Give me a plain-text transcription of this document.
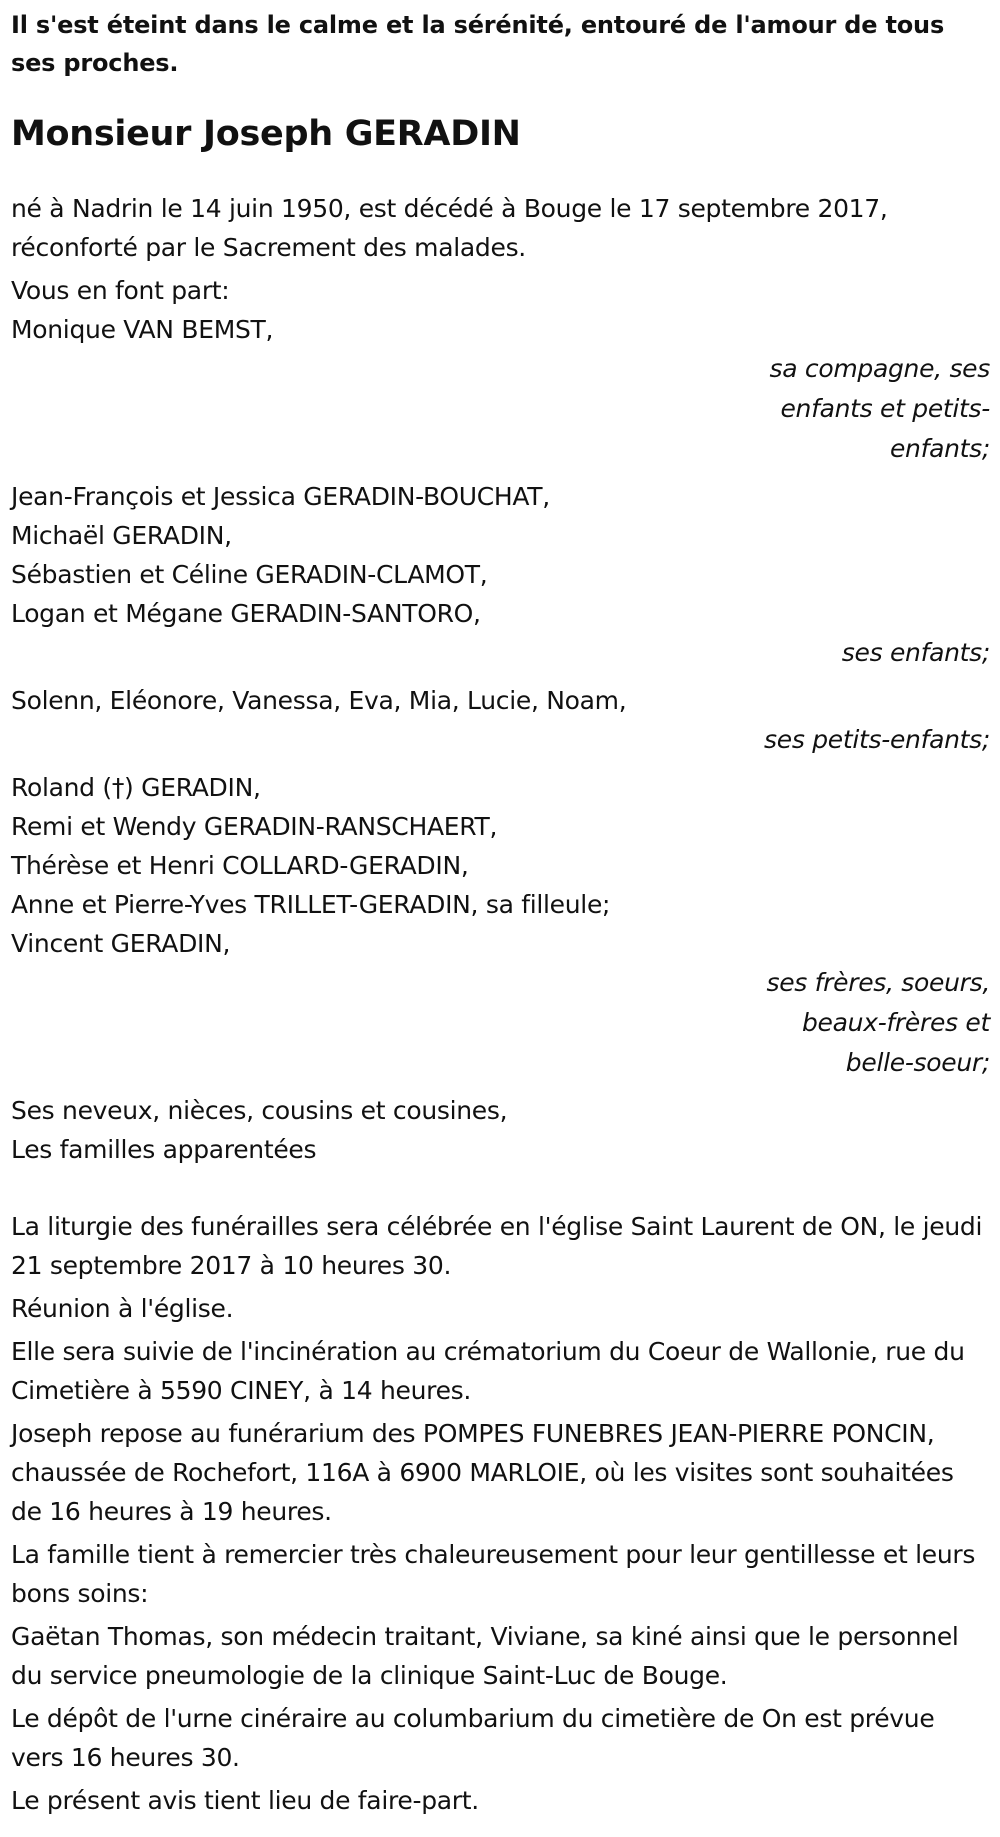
Il s'est éteint dans le calme et la sérénité, entouré de l'amour de tous ses proches.

Monsieur Joseph GERADIN

né à Nadrin le 14 juin 1950, est décédé à Bouge le 17 septembre 2017, réconforté par le Sacrement des malades.

Vous en font part:
Monique VAN BEMST,
sa compagne, ses enfants et petits-enfants;
Jean-François et Jessica GERADIN-BOUCHAT,
Michaël GERADIN,
Sébastien et Céline GERADIN-CLAMOT,
Logan et Mégane GERADIN-SANTORO,
ses enfants;
Solenn, Eléonore, Vanessa, Eva, Mia, Lucie, Noam,
ses petits-enfants;
Roland (†) GERADIN,
Remi et Wendy GERADIN-RANSCHAERT,
Thérèse et Henri COLLARD-GERADIN,
Anne et Pierre-Yves TRILLET-GERADIN, sa filleule;
Vincent GERADIN,
ses frères, soeurs, beaux-frères et belle-soeur;
Ses neveux, nièces, cousins et cousines,
Les familles apparentées

La liturgie des funérailles sera célébrée en l'église Saint Laurent de ON, le jeudi 21 septembre 2017 à 10 heures 30.

Réunion à l'église.

Elle sera suivie de l'incinération au crématorium du Coeur de Wallonie, rue du Cimetière à 5590 CINEY, à 14 heures.

Joseph repose au funérarium des POMPES FUNEBRES JEAN-PIERRE PONCIN, chaussée de Rochefort, 116A à 6900 MARLOIE, où les visites sont souhaitées de 16 heures à 19 heures.

La famille tient à remercier très chaleureusement pour leur gentillesse et leurs bons soins:

Gaëtan Thomas, son médecin traitant, Viviane, sa kiné ainsi que le personnel du service pneumologie de la clinique Saint-Luc de Bouge.

Le dépôt de l'urne cinéraire au columbarium du cimetière de On est prévue vers 16 heures 30.

Le présent avis tient lieu de faire-part.
